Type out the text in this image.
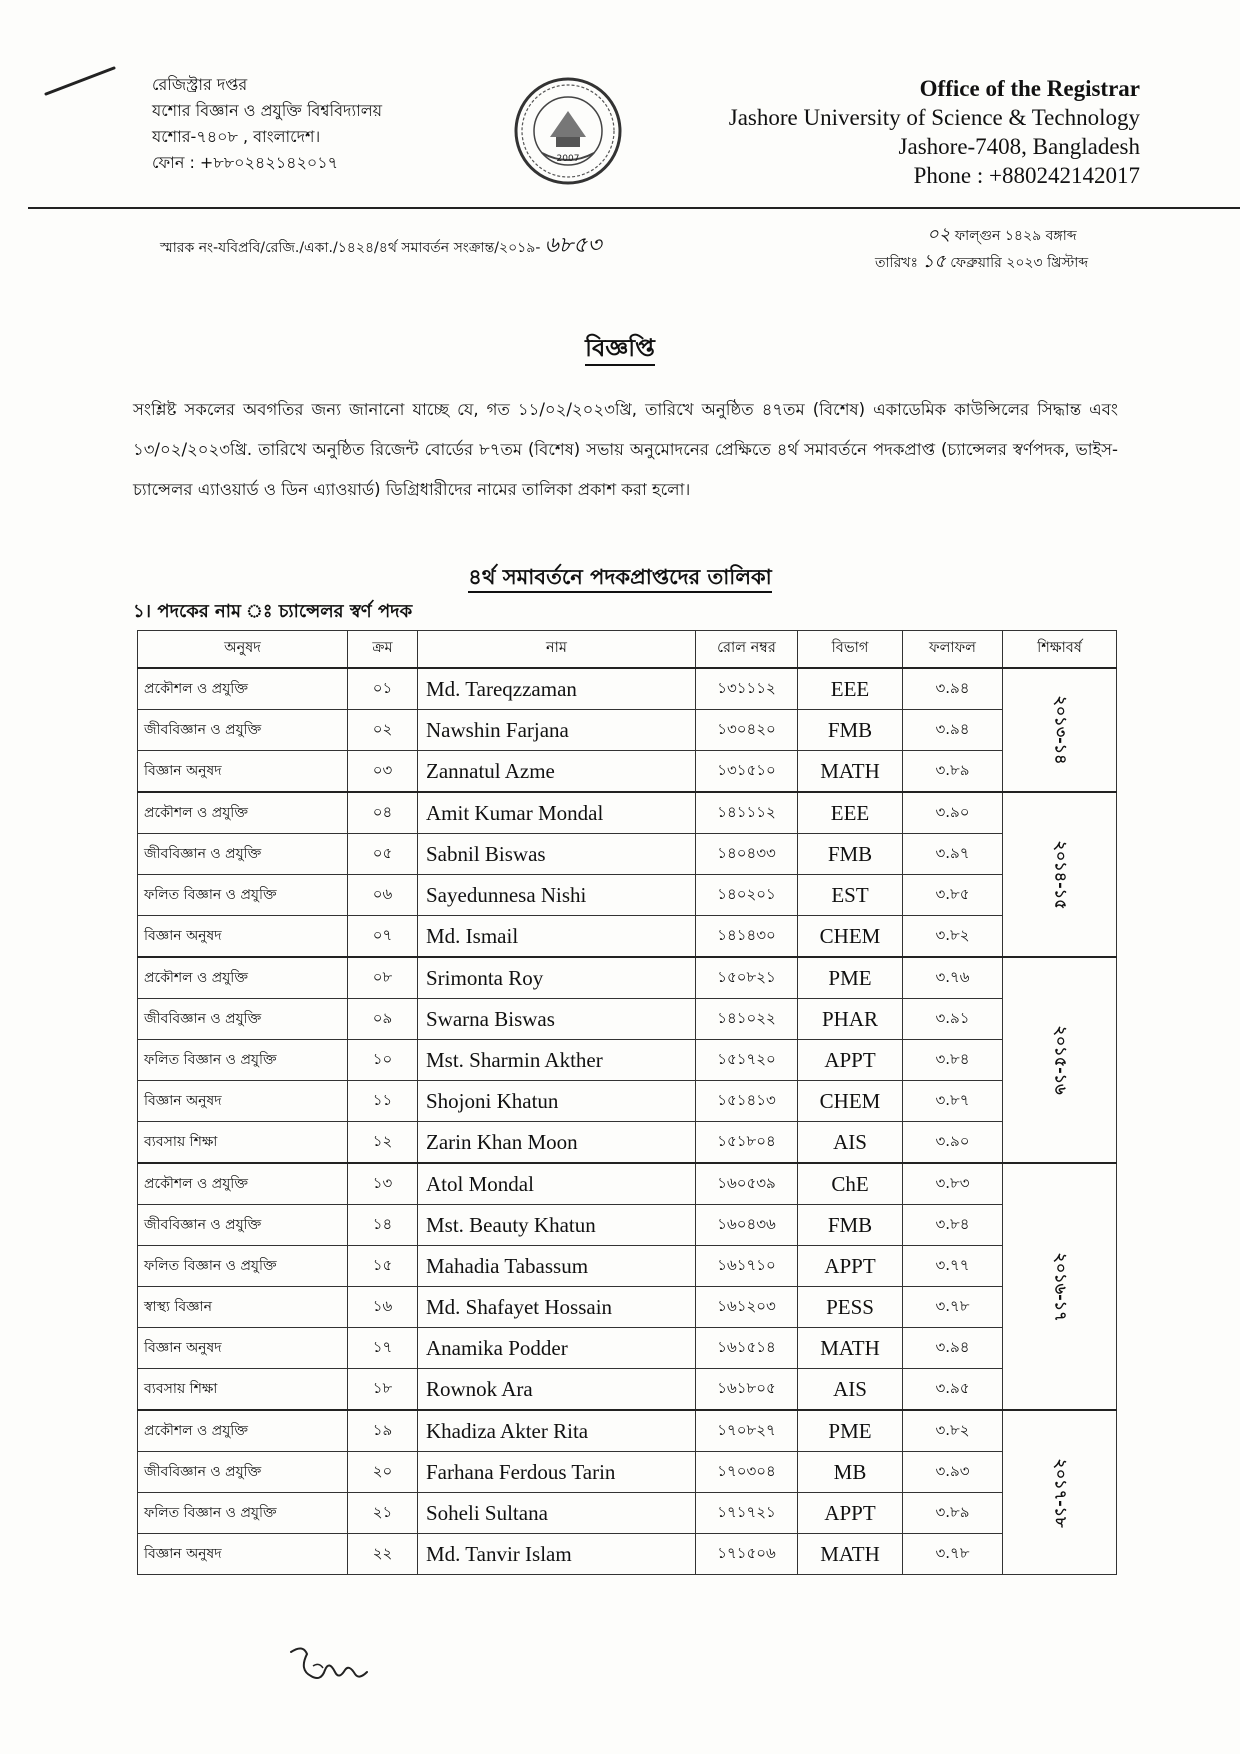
রেজিস্ট্রার দপ্তর
যশোর বিজ্ঞান ও প্রযুক্তি বিশ্ববিদ্যালয়
যশোর-৭৪০৮ , বাংলাদেশ।
ফোন : +৮৮০২৪২১৪২০১৭	2007
Office of the Registrar
Jashore University of Science & Technology
Jashore-7408, Bangladesh
Phone : +880242142017
স্মারক নং-যবিপ্রবি/রেজি./একা./১৪২৪/৪র্থ সমাবর্তন সংক্রান্ত/২০১৯- ৬৮৫৩	০২ ফাল্গুন ১৪২৯ বঙ্গাব্দ
তারিখঃ ১৫ ফেব্রুয়ারি ২০২৩ খ্রিস্টাব্দ
বিজ্ঞপ্তি
সংশ্লিষ্ট সকলের অবগতির জন্য জানানো যাচ্ছে যে, গত ১১/০২/২০২৩খ্রি, তারিখে অনুষ্ঠিত ৪৭তম (বিশেষ) একাডেমিক কাউন্সিলের সিদ্ধান্ত এবং ১৩/০২/২০২৩খ্রি. তারিখে অনুষ্ঠিত রিজেন্ট বোর্ডের ৮৭তম (বিশেষ) সভায় অনুমোদনের প্রেক্ষিতে ৪র্থ সমাবর্তনে পদকপ্রাপ্ত (চ্যান্সেলর স্বর্ণপদক, ভাইস-চ্যান্সেলর এ্যাওয়ার্ড ও ডিন এ্যাওয়ার্ড) ডিগ্রিধারীদের নামের তালিকা প্রকাশ করা হলো।
৪র্থ সমাবর্তনে পদকপ্রাপ্তদের তালিকা
১। পদকের নাম ঃ চ্যান্সেলর স্বর্ণ পদক
অনুষদ	ক্রম	নাম	রোল নম্বর	বিভাগ	ফলাফল	শিক্ষাবর্ষ
প্রকৌশল ও প্রযুক্তি	০১	Md. Tareqzzaman	১৩১১১২	EEE	৩.৯৪	২০১৩-১৪

জীববিজ্ঞান ও প্রযুক্তি	০২	Nawshin Farjana	১৩০৪২০	FMB	৩.৯৪	
বিজ্ঞান অনুষদ	০৩	Zannatul Azme	১৩১৫১০	MATH	৩.৮৯	
প্রকৌশল ও প্রযুক্তি	০৪	Amit Kumar Mondal	১৪১১১২	EEE	৩.৯০	২০১৪-১৫

জীববিজ্ঞান ও প্রযুক্তি	০৫	Sabnil Biswas	১৪০৪৩৩	FMB	৩.৯৭	
ফলিত বিজ্ঞান ও প্রযুক্তি	০৬	Sayedunnesa Nishi	১৪০২০১	EST	৩.৮৫	
বিজ্ঞান অনুষদ	০৭	Md. Ismail	১৪১৪৩০	CHEM	৩.৮২	
প্রকৌশল ও প্রযুক্তি	০৮	Srimonta Roy	১৫০৮২১	PME	৩.৭৬	২০১৫-১৬

জীববিজ্ঞান ও প্রযুক্তি	০৯	Swarna Biswas	১৪১০২২	PHAR	৩.৯১	
ফলিত বিজ্ঞান ও প্রযুক্তি	১০	Mst. Sharmin Akther	১৫১৭২০	APPT	৩.৮৪	
বিজ্ঞান অনুষদ	১১	Shojoni Khatun	১৫১৪১৩	CHEM	৩.৮৭	
ব্যবসায় শিক্ষা	১২	Zarin Khan Moon	১৫১৮০৪	AIS	৩.৯০	
প্রকৌশল ও প্রযুক্তি	১৩	Atol Mondal	১৬০৫৩৯	ChE	৩.৮৩	২০১৬-১৭

জীববিজ্ঞান ও প্রযুক্তি	১৪	Mst. Beauty Khatun	১৬০৪৩৬	FMB	৩.৮৪	
ফলিত বিজ্ঞান ও প্রযুক্তি	১৫	Mahadia Tabassum	১৬১৭১০	APPT	৩.৭৭	
স্বাস্থ্য বিজ্ঞান	১৬	Md. Shafayet Hossain	১৬১২০৩	PESS	৩.৭৮	
বিজ্ঞান অনুষদ	১৭	Anamika Podder	১৬১৫১৪	MATH	৩.৯৪	
ব্যবসায় শিক্ষা	১৮	Rownok Ara	১৬১৮০৫	AIS	৩.৯৫	
প্রকৌশল ও প্রযুক্তি	১৯	Khadiza Akter Rita	১৭০৮২৭	PME	৩.৮২	২০১৭-১৮

জীববিজ্ঞান ও প্রযুক্তি	২০	Farhana Ferdous Tarin	১৭০৩০৪	MB	৩.৯৩	
ফলিত বিজ্ঞান ও প্রযুক্তি	২১	Soheli Sultana	১৭১৭২১	APPT	৩.৮৯	
বিজ্ঞান অনুষদ	২২	Md. Tanvir Islam	১৭১৫০৬	MATH	৩.৭৮	
